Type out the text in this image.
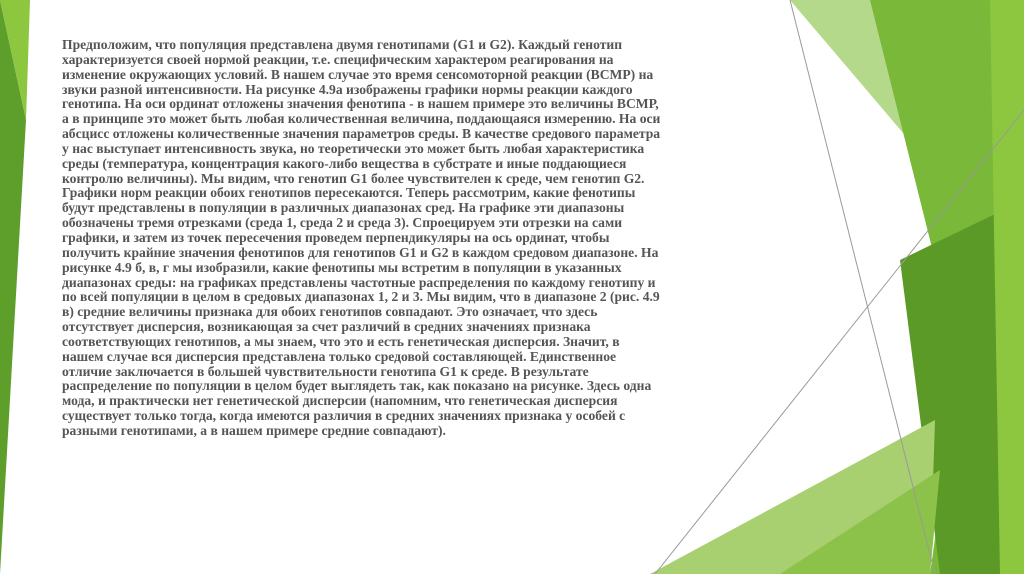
Предположим, что популяция представлена двумя генотипами (G1 и G2). Каждый генотип
характеризуется своей нормой реакции, т.е. специфическим характером реагирования на
изменение окружающих условий. В нашем случае это время сенсомоторной реакции (ВСМР) на
звуки разной интенсивности. На рисунке 4.9а изображены графики нормы реакции каждого
генотипа. На оси ординат отложены значения фенотипа - в нашем примере это величины ВСМР,
а в принципе это может быть любая количественная величина, поддающаяся измерению. На оси
абсцисс отложены количественные значения параметров среды. В качестве средового параметра
у нас выступает интенсивность звука, но теоретически это может быть любая характеристика
среды (температура, концентрация какого-либо вещества в субстрате и иные поддающиеся
контролю величины). Мы видим, что генотип G1 более чувствителен к среде, чем генотип G2.
Графики норм реакции обоих генотипов пересекаются. Теперь рассмотрим, какие фенотипы
будут представлены в популяции в различных диапазонах сред. На графике эти диапазоны
обозначены тремя отрезками (среда 1, среда 2 и среда 3). Спроецируем эти отрезки на сами
графики, и затем из точек пересечения проведем перпендикуляры на ось ординат, чтобы
получить крайние значения фенотипов для генотипов G1 и G2 в каждом средовом диапазоне. На
рисунке 4.9 б, в, г мы изобразили, какие фенотипы мы встретим в популяции в указанных
диапазонах среды: на графиках представлены частотные распределения по каждому генотипу и
по всей популяции в целом в средовых диапазонах 1, 2 и 3. Мы видим, что в диапазоне 2 (рис. 4.9
в) средние величины признака для обоих генотипов совпадают. Это означает, что здесь
отсутствует дисперсия, возникающая за счет различий в средних значениях признака
соответствующих генотипов, а мы знаем, что это и есть генетическая дисперсия. Значит, в
нашем случае вся дисперсия представлена только средовой составляющей. Единственное
отличие заключается в большей чувствительности генотипа G1 к среде. В результате
распределение по популяции в целом будет выглядеть так, как показано на рисунке. Здесь одна
мода, и практически нет генетической дисперсии (напомним, что генетическая дисперсия
существует только тогда, когда имеются различия в средних значениях признака у особей с
разными генотипами, а в нашем примере средние совпадают).
